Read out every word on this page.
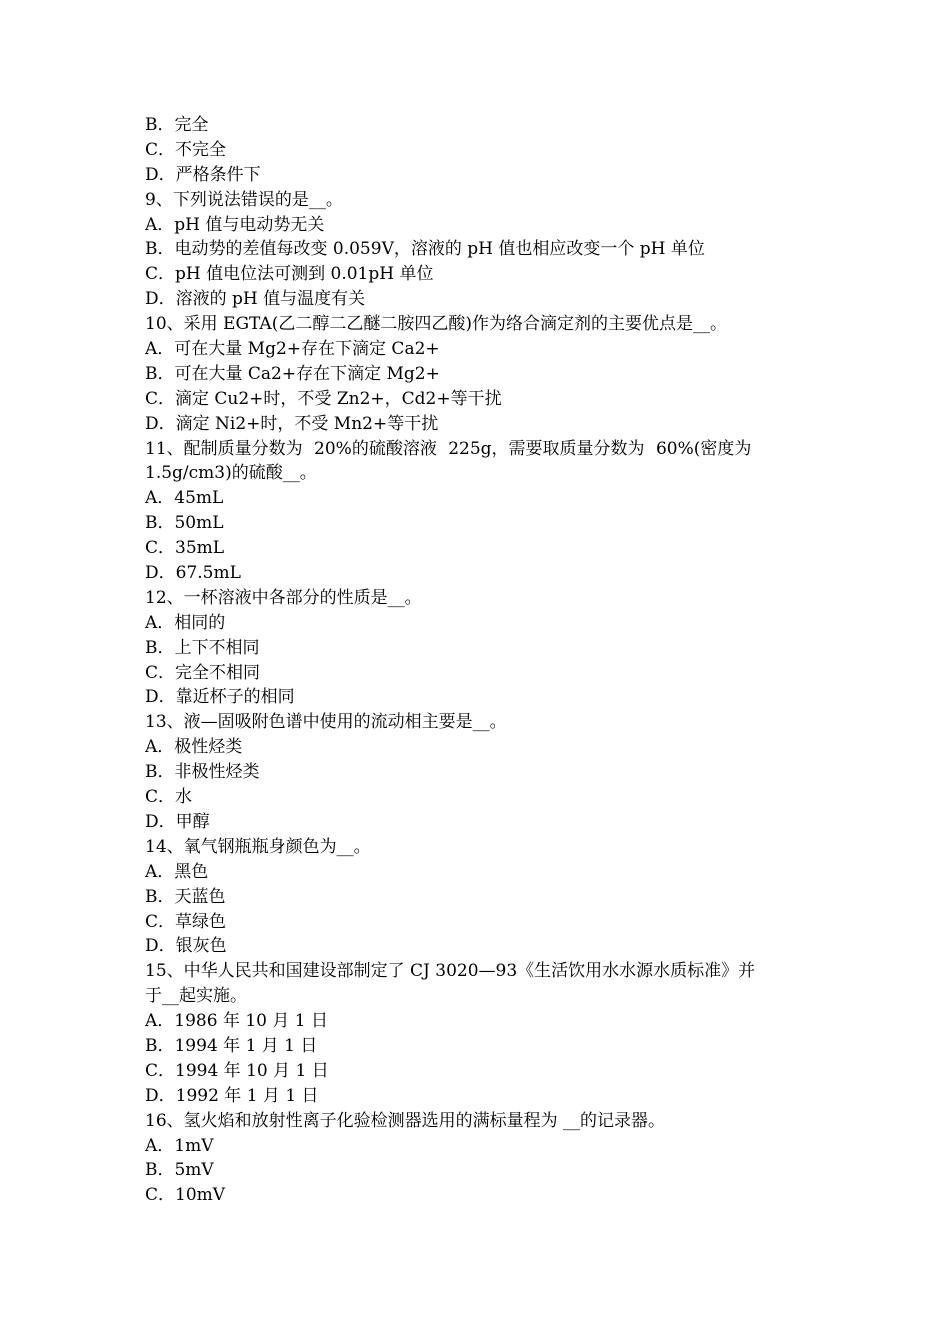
B．完全
C．不完全
D．严格条件下
9、下列说法错误的是__。
A．pH 值与电动势无关
B．电动势的差值每改变 0.059V，溶液的 pH 值也相应改变一个 pH 单位
C．pH 值电位法可测到 0.01pH 单位
D．溶液的 pH 值与温度有关
10、采用 EGTA(乙二醇二乙醚二胺四乙酸)作为络合滴定剂的主要优点是__。
A．可在大量 Mg2+存在下滴定 Ca2+
B．可在大量 Ca2+存在下滴定 Mg2+
C．滴定 Cu2+时，不受 Zn2+，Cd2+等干扰
D．滴定 Ni2+时，不受 Mn2+等干扰
11、配制质量分数为 20%的硫酸溶液 225g，需要取质量分数为 60%(密度为
1.5g/cm3)的硫酸__。
A．45mL
B．50mL
C．35mL
D．67.5mL
12、一杯溶液中各部分的性质是__。
A．相同的
B．上下不相同
C．完全不相同
D．靠近杯子的相同
13、液—固吸附色谱中使用的流动相主要是__。
A．极性烃类
B．非极性烃类
C．水
D．甲醇
14、氧气钢瓶瓶身颜色为__。
A．黑色
B．天蓝色
C．草绿色
D．银灰色
15、中华人民共和国建设部制定了 CJ 3020—93《生活饮用水水源水质标准》并
于__起实施。
A．1986 年 10 月 1 日
B．1994 年 1 月 1 日
C．1994 年 10 月 1 日
D．1992 年 1 月 1 日
16、氢火焰和放射性离子化验检测器选用的满标量程为 __的记录器。
A．1mV
B．5mV
C．10mV
